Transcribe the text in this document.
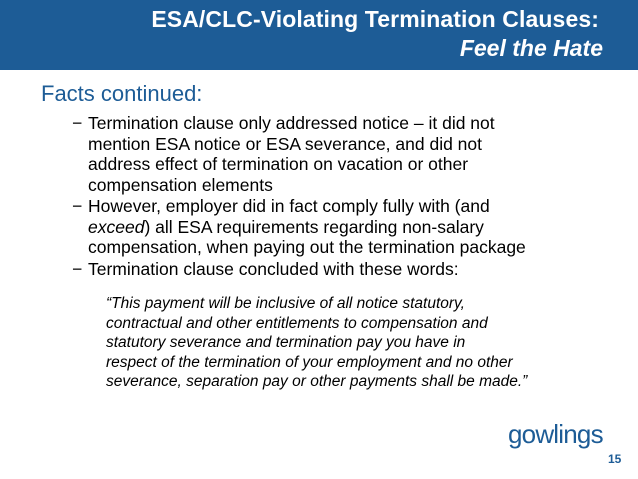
ESA/CLC-Violating Termination Clauses:
Feel the Hate
Facts continued:
− Termination clause only addressed notice – it did not
mention ESA notice or ESA severance, and did not
address effect of termination on vacation or other
compensation elements
− However, employer did in fact comply fully with (and
exceed) all ESA requirements regarding non-salary
compensation, when paying out the termination package
− Termination clause concluded with these words:
“This payment will be inclusive of all notice statutory,
contractual and other entitlements to compensation and
statutory severance and termination pay you have in
respect of the termination of your employment and no other
severance, separation pay or other payments shall be made.”
gowlings
15
